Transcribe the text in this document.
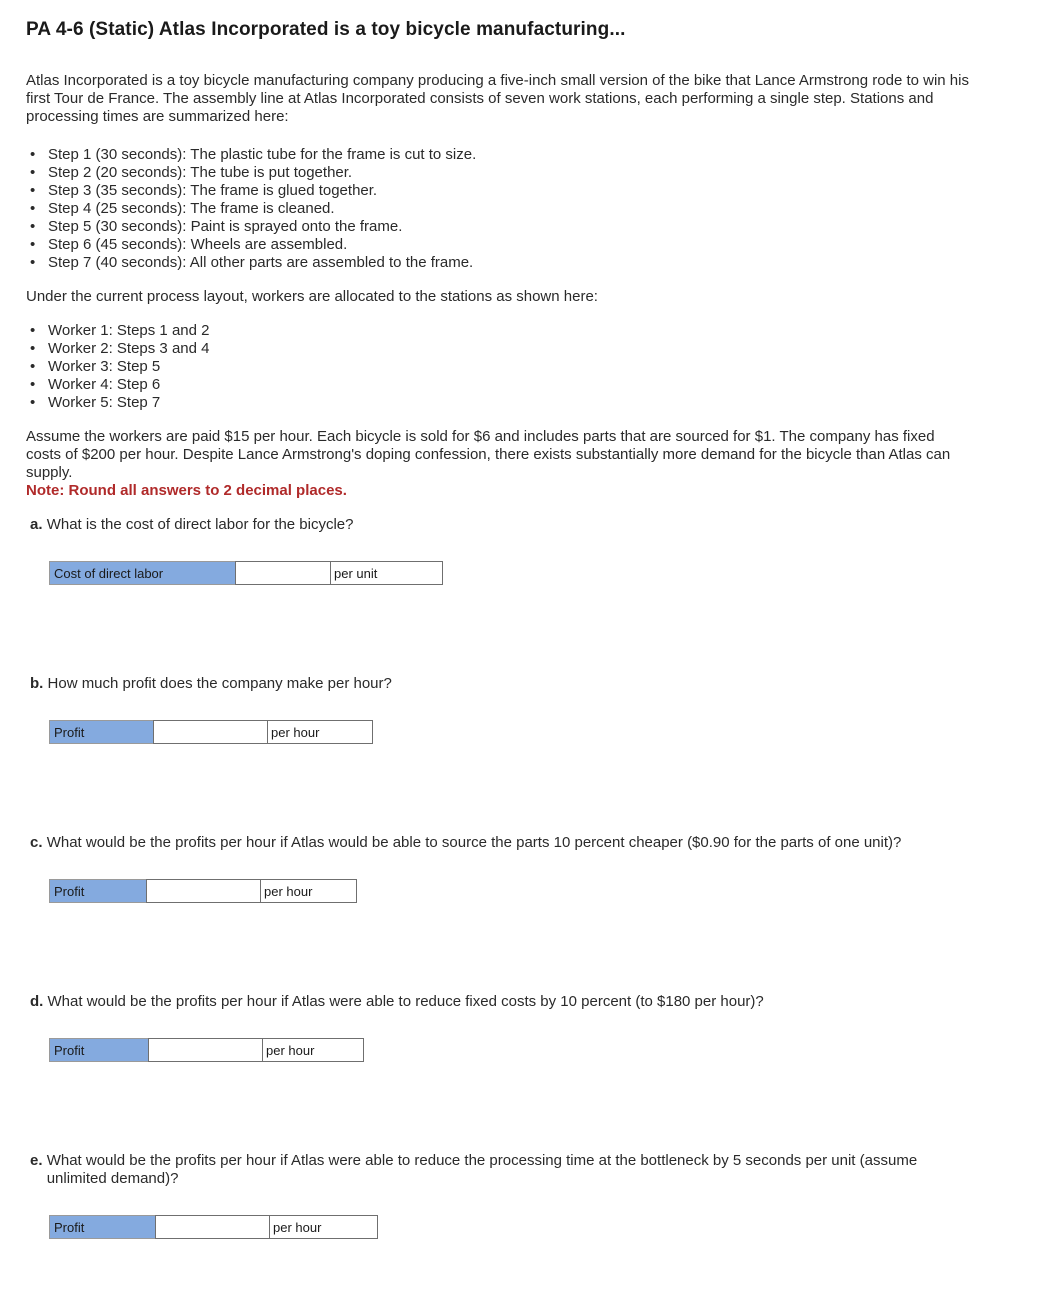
PA 4-6 (Static) Atlas Incorporated is a toy bicycle manufacturing...

Atlas Incorporated is a toy bicycle manufacturing company producing a five-inch small version of the bike that Lance Armstrong rode to win his first Tour de France. The assembly line at Atlas Incorporated consists of seven work stations, each performing a single step. Stations and processing times are summarized here:

• Step 1 (30 seconds): The plastic tube for the frame is cut to size.
• Step 2 (20 seconds): The tube is put together.
• Step 3 (35 seconds): The frame is glued together.
• Step 4 (25 seconds): The frame is cleaned.
• Step 5 (30 seconds): Paint is sprayed onto the frame.
• Step 6 (45 seconds): Wheels are assembled.
• Step 7 (40 seconds): All other parts are assembled to the frame.

Under the current process layout, workers are allocated to the stations as shown here:

• Worker 1: Steps 1 and 2
• Worker 2: Steps 3 and 4
• Worker 3: Step 5
• Worker 4: Step 6
• Worker 5: Step 7

Assume the workers are paid $15 per hour. Each bicycle is sold for $6 and includes parts that are sourced for $1. The company has fixed costs of $200 per hour. Despite Lance Armstrong's doping confession, there exists substantially more demand for the bicycle than Atlas can supply.

Note: Round all answers to 2 decimal places.
a. What is the cost of direct labor for the bicycle?
Cost of direct labor	per unit
b. How much profit does the company make per hour?
Profit	per hour
c. What would be the profits per hour if Atlas would be able to source the parts 10 percent cheaper ($0.90 for the parts of one unit)?
Profit	per hour
d. What would be the profits per hour if Atlas were able to reduce fixed costs by 10 percent (to $180 per hour)?
Profit	per hour
e. What would be the profits per hour if Atlas were able to reduce the processing time at the bottleneck by 5 seconds per unit (assume unlimited demand)?
Profit	per hour
